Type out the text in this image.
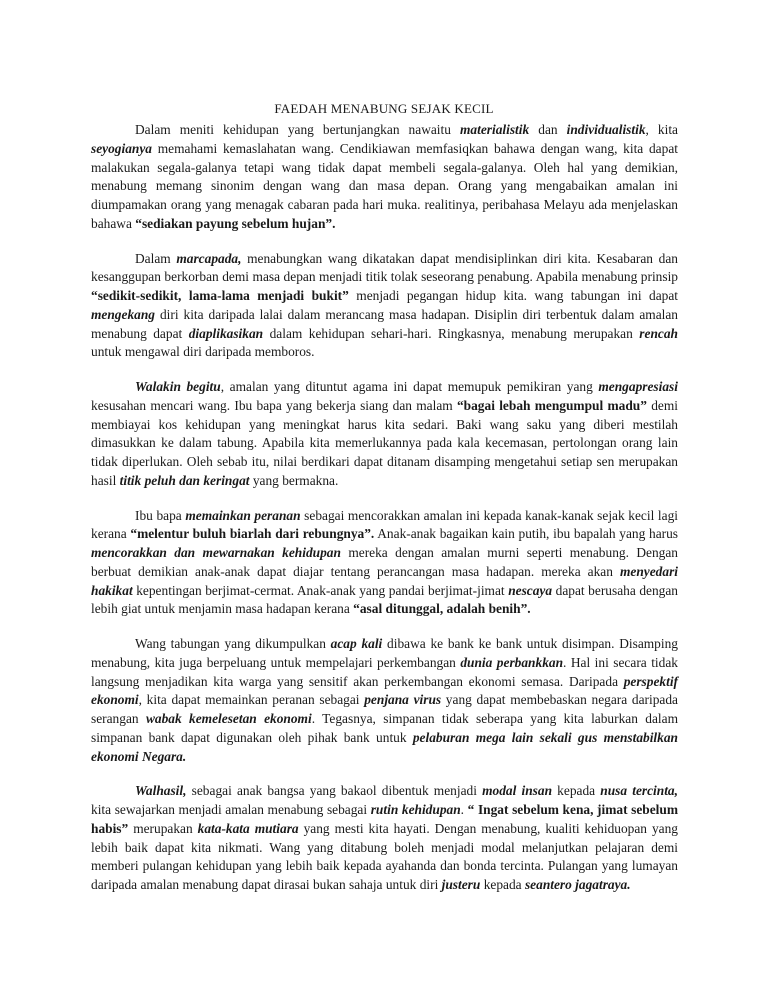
FAEDAH MENABUNG SEJAK KECIL

Dalam meniti kehidupan yang bertunjangkan nawaitu materialistik dan individualistik, kita seyogianya memahami kemaslahatan wang. Cendikiawan memfasiqkan bahawa dengan wang, kita dapat malakukan segala-galanya tetapi wang tidak dapat membeli segala-galanya. Oleh hal yang demikian, menabung memang sinonim dengan wang dan masa depan. Orang yang mengabaikan amalan ini diumpamakan orang yang menagak cabaran pada hari muka. realitinya, peribahasa Melayu ada menjelaskan bahawa “sediakan payung sebelum hujan”.

Dalam marcapada, menabungkan wang dikatakan dapat mendisiplinkan diri kita. Kesabaran dan kesanggupan berkorban demi masa depan menjadi titik tolak seseorang penabung. Apabila menabung prinsip “sedikit-sedikit, lama-lama menjadi bukit” menjadi pegangan hidup kita. wang tabungan ini dapat mengekang diri kita daripada lalai dalam merancang masa hadapan. Disiplin diri terbentuk dalam amalan menabung dapat diaplikasikan dalam kehidupan sehari-hari. Ringkasnya, menabung merupakan rencah untuk mengawal diri daripada memboros.

Walakin begitu, amalan yang dituntut agama ini dapat memupuk pemikiran yang mengapresiasi kesusahan mencari wang. Ibu bapa yang bekerja siang dan malam “bagai lebah mengumpul madu” demi membiayai kos kehidupan yang meningkat harus kita sedari. Baki wang saku yang diberi mestilah dimasukkan ke dalam tabung. Apabila kita memerlukannya pada kala kecemasan, pertolongan orang lain tidak diperlukan. Oleh sebab itu, nilai berdikari dapat ditanam disamping mengetahui setiap sen merupakan hasil titik peluh dan keringat yang bermakna.

Ibu bapa memainkan peranan sebagai mencorakkan amalan ini kepada kanak-kanak sejak kecil lagi kerana “melentur buluh biarlah dari rebungnya”. Anak-anak bagaikan kain putih, ibu bapalah yang harus mencorakkan dan mewarnakan kehidupan mereka dengan amalan murni seperti menabung. Dengan berbuat demikian anak-anak dapat diajar tentang perancangan masa hadapan. mereka akan menyedari hakikat kepentingan berjimat-cermat. Anak-anak yang pandai berjimat-jimat nescaya dapat berusaha dengan lebih giat untuk menjamin masa hadapan kerana “asal ditunggal, adalah benih”.

Wang tabungan yang dikumpulkan acap kali dibawa ke bank ke bank untuk disimpan. Disamping menabung, kita juga berpeluang untuk mempelajari perkembangan dunia perbankkan. Hal ini secara tidak langsung menjadikan kita warga yang sensitif akan perkembangan ekonomi semasa. Daripada perspektif ekonomi, kita dapat memainkan peranan sebagai penjana virus yang dapat membebaskan negara daripada serangan wabak kemelesetan ekonomi. Tegasnya, simpanan tidak seberapa yang kita laburkan dalam simpanan bank dapat digunakan oleh pihak bank untuk pelaburan mega lain sekali gus menstabilkan ekonomi Negara.

Walhasil, sebagai anak bangsa yang bakaol dibentuk menjadi modal insan kepada nusa tercinta, kita sewajarkan menjadi amalan menabung sebagai rutin kehidupan. “ Ingat sebelum kena, jimat sebelum habis” merupakan kata-kata mutiara yang mesti kita hayati. Dengan menabung, kualiti kehiduopan yang lebih baik dapat kita nikmati. Wang yang ditabung boleh menjadi modal melanjutkan pelajaran demi memberi pulangan kehidupan yang lebih baik kepada ayahanda dan bonda tercinta. Pulangan yang lumayan daripada amalan menabung dapat dirasai bukan sahaja untuk diri justeru kepada seantero jagatraya.
